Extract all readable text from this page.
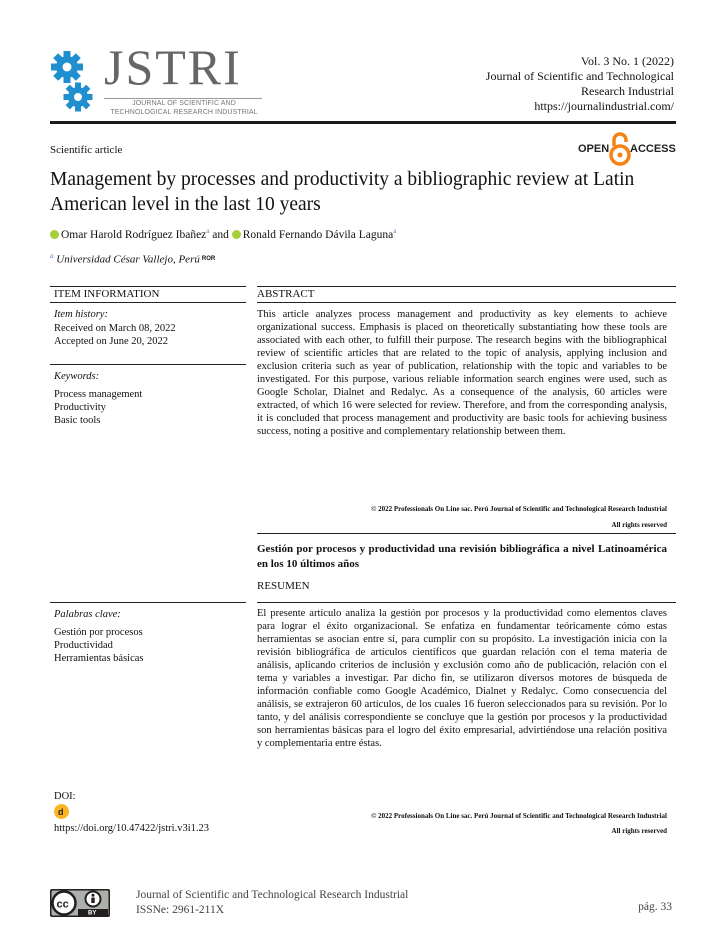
JSTRI
JOURNAL OF SCIENTIFIC AND TECHNOLOGICAL RESEARCH INDUSTRIAL
Vol. 3 No. 1 (2022)
Journal of Scientific and Technological
Research Industrial
https://journalindustrial.com/
Scientific article	OPEN ACCESS
Management by processes and productivity a bibliographic review at Latin American level in the last 10 years
Omar Harold Rodríguez Ibañez$^a$ and Ronald Fernando Dávila Laguna$^a$
$^a$ Universidad César Vallejo, Perú $^{ROR}$
ITEM INFORMATION
Item history:
Received on March 08, 2022
Accepted on June 20, 2022
Keywords:
Process management
Productivity
Basic tools
Palabras clave:
Gestión por procesos
Productividad
Herramientas básicas
DOI:
d
https://doi.org/10.47422/jstri.v3i1.23
ABSTRACT
This article analyzes process management and productivity as key elements to achieve organizational success. Emphasis is placed on theoretically substantiating how these tools are associated with each other, to fulfill their purpose. The research begins with the bibliographical review of scientific articles that are related to the topic of analysis, applying inclusion and exclusion criteria such as year of publication, relationship with the topic and variables to be investigated. For this purpose, various reliable information search engines were used, such as Google Scholar, Dialnet and Redalyc. As a consequence of the analysis, 60 articles were extracted, of which 16 were selected for review. Therefore, and from the corresponding analysis, it is concluded that process management and productivity are basic tools for achieving business success, noting a positive and complementary relationship between them.
© 2022 Professionals On Line sac. Perú Journal of Scientific and Technological Research Industrial
All rights reserved
Gestión por procesos y productividad una revisión bibliográfica a nivel Latinoamérica en los 10 últimos años
RESUMEN
El presente artículo analiza la gestión por procesos y la productividad como elementos claves para lograr el éxito organizacional. Se enfatiza en fundamentar teóricamente cómo estas herramientas se asocian entre sí, para cumplir con su propósito. La investigación inicia con la revisión bibliográfica de artículos científicos que guardan relación con el tema materia de análisis, aplicando criterios de inclusión y exclusión como año de publicación, relación con el tema y variables a investigar. Par dicho fin, se utilizaron diversos motores de búsqueda de información confiable como Google Académico, Dialnet y Redalyc. Como consecuencia del análisis, se extrajeron 60 artículos, de los cuales 16 fueron seleccionados para su revisión. Por lo tanto, y del análisis correspondiente se concluye que la gestión por procesos y la productividad son herramientas básicas para el logro del éxito empresarial, advirtiéndose una relación positiva y complementaria entre éstas.
© 2022 Professionals On Line sac. Perú Journal of Scientific and Technological Research Industrial
All rights reserved
cc
BY
Journal of Scientific and Technological Research Industrial
ISSNe: 2961-211X	pág. 33
